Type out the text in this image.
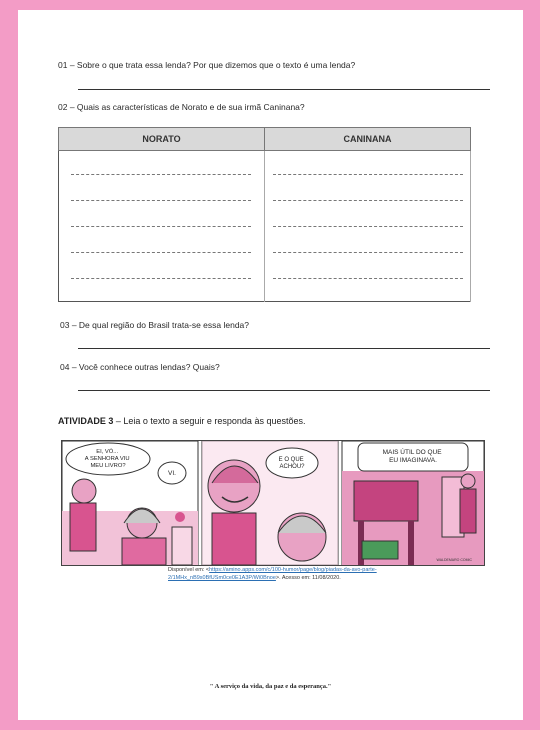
01 – Sobre o que trata essa lenda? Por que dizemos que o texto é uma lenda?
02 – Quais as características de Norato e de sua irmã Caninana?
NORATO	CANINANA

03 – De qual região do Brasil trata-se essa lenda?
04 – Você conhece outras lendas? Quais?
ATIVIDADE 3 – Leia o texto a seguir e responda às questões.
EI, VÓ... A SENHORA VIU MEU LIVRO?
VI.
E O QUE ACHOU?
MAIS ÚTIL DO QUE EU IMAGINAVA.
WALDEMARO COMIC
Disponível em: <https://amino.apps.com/c/100-humor/page/blog/piadas-da-avo-parte-2/1MHx_nB9s0BfUSm0ce0E1A3P/Wi0Bnoe>. Acesso em: 11/08/2020.
" A serviço da vida, da paz e da esperança."
